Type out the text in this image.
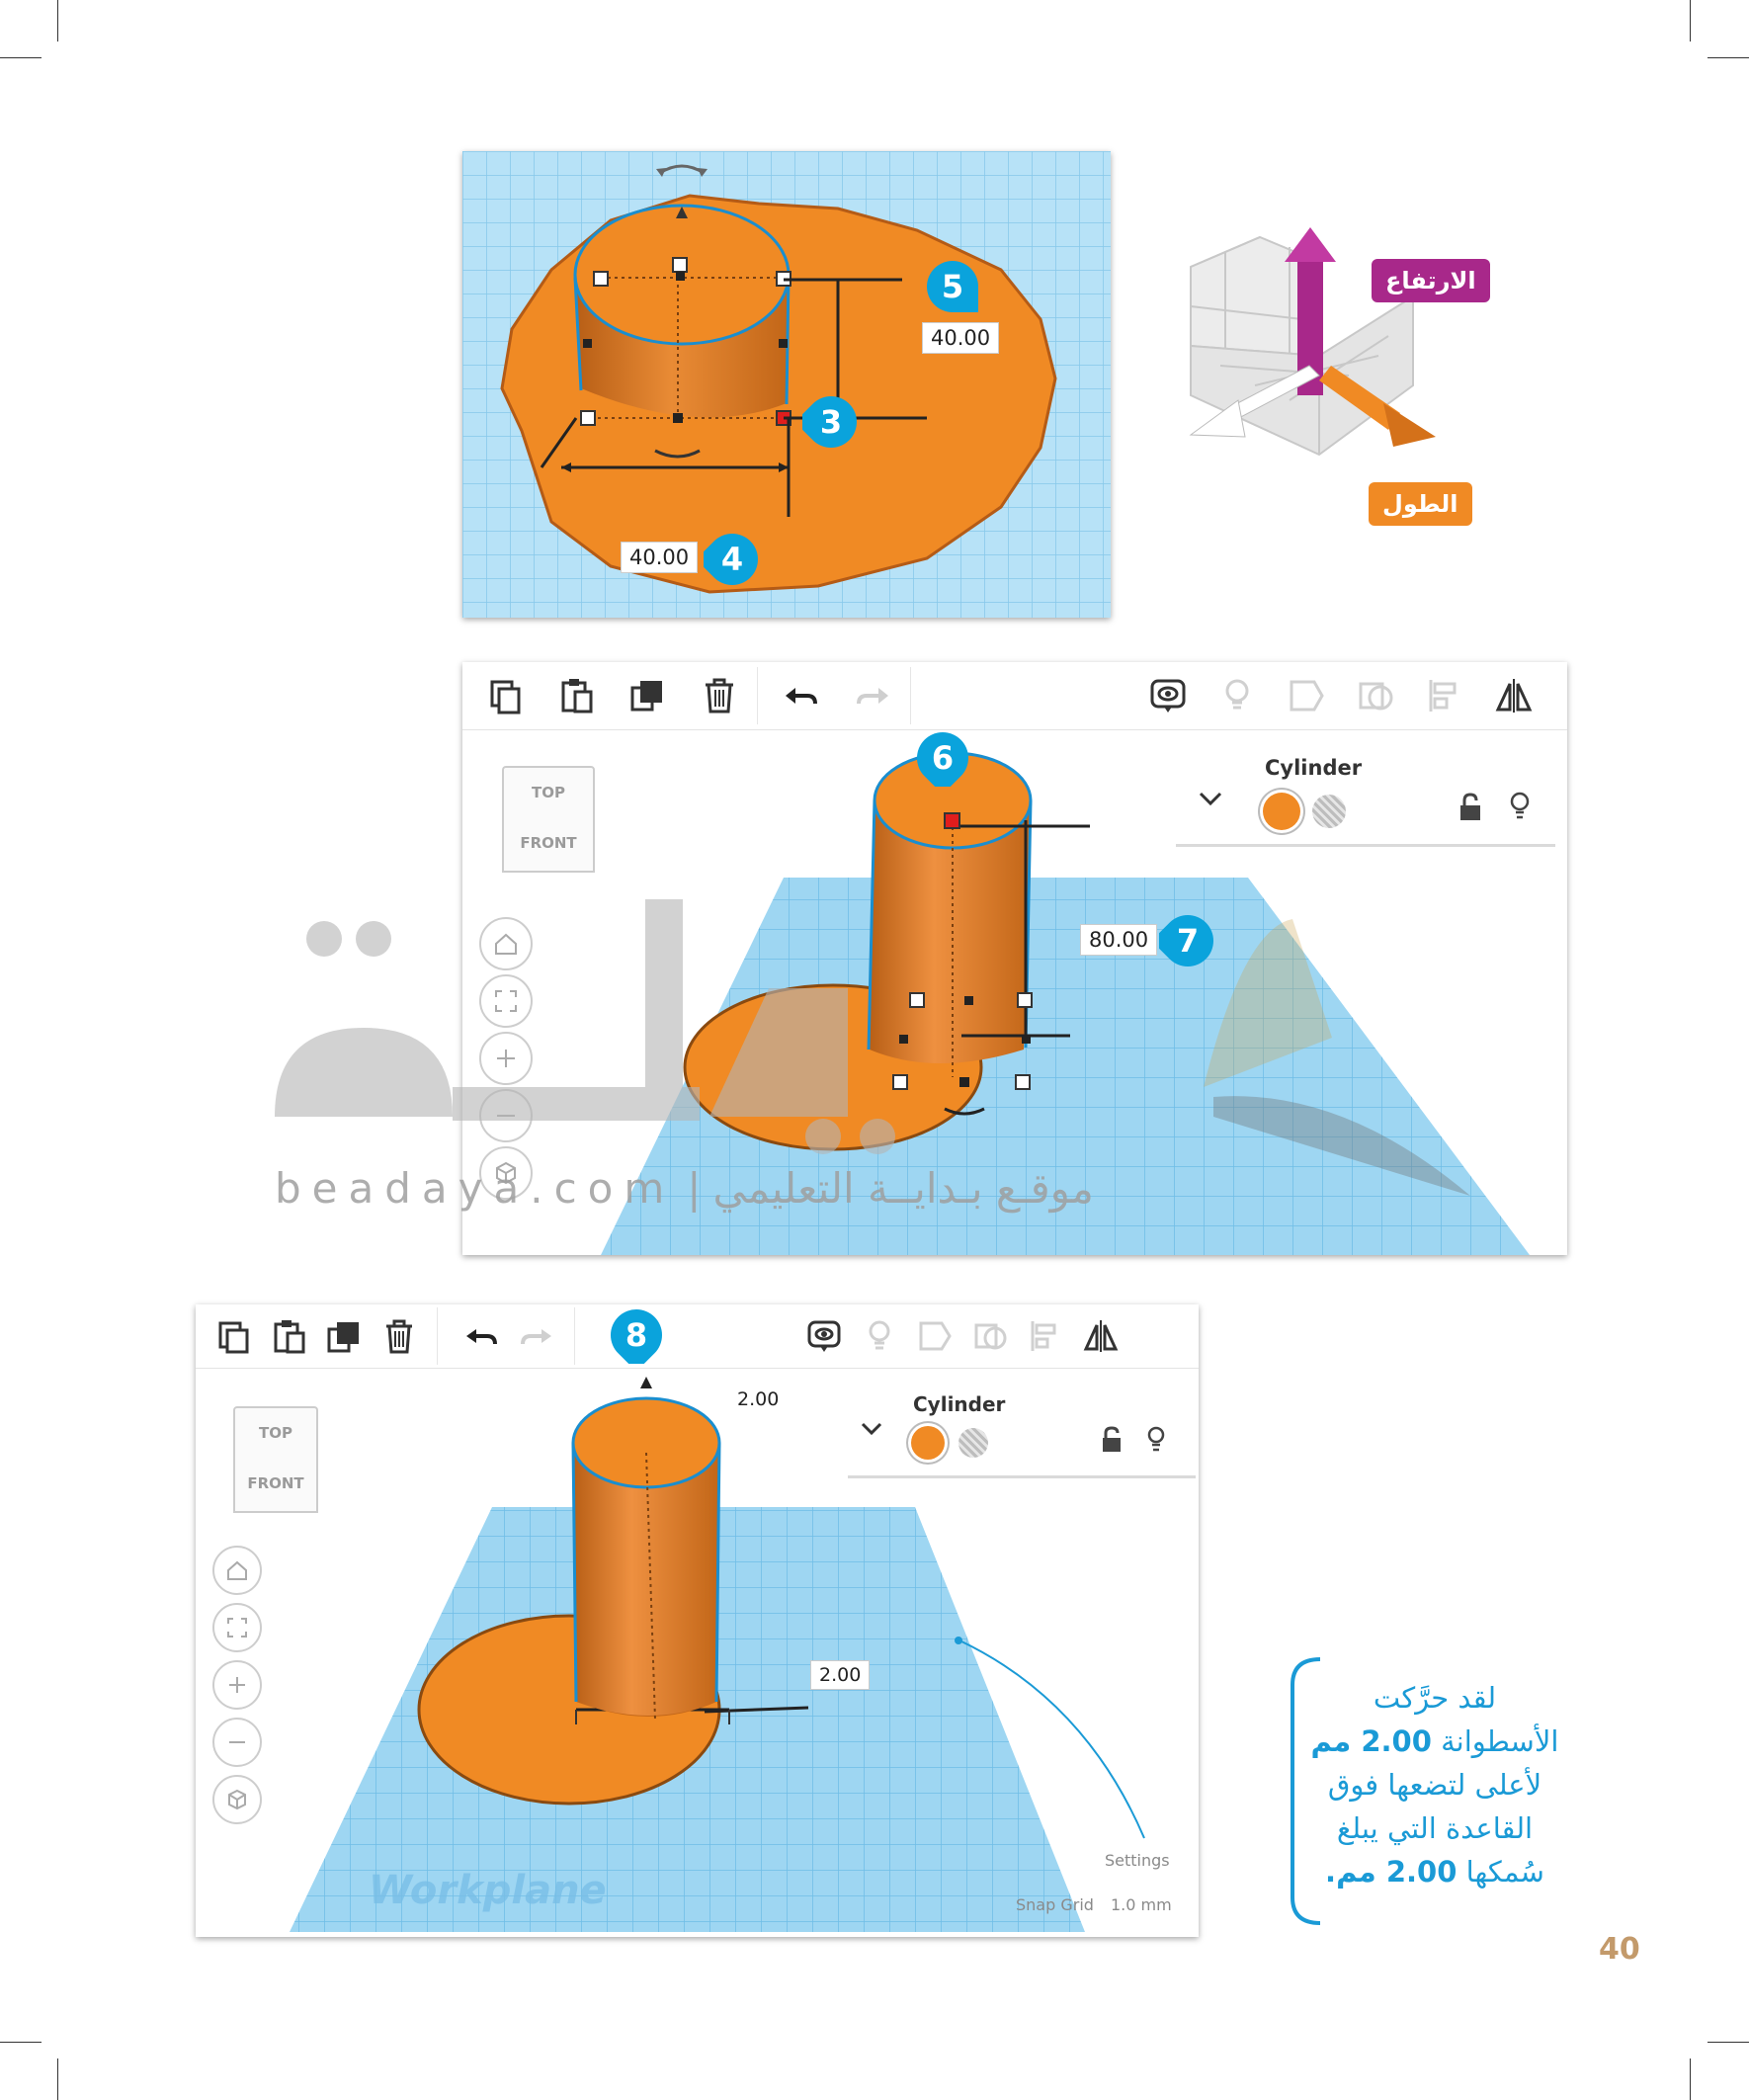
40.00
40.00
5
3
4
الارتفاع
الطول
TOP
FRONT
Cylinder
80.00
6
7
beadaya.com | موقـع بـدايــة التعليمي
TOP
FRONT
Cylinder
2.00
2.00
Workplane
Settings
Snap Grid 1.0 mm
8
لقد حرَّكت
الأسطوانة 2.00 مم
لأعلى لتضعها فوق
القاعدة التي يبلغ
سُمكها 2.00 مم.
40
